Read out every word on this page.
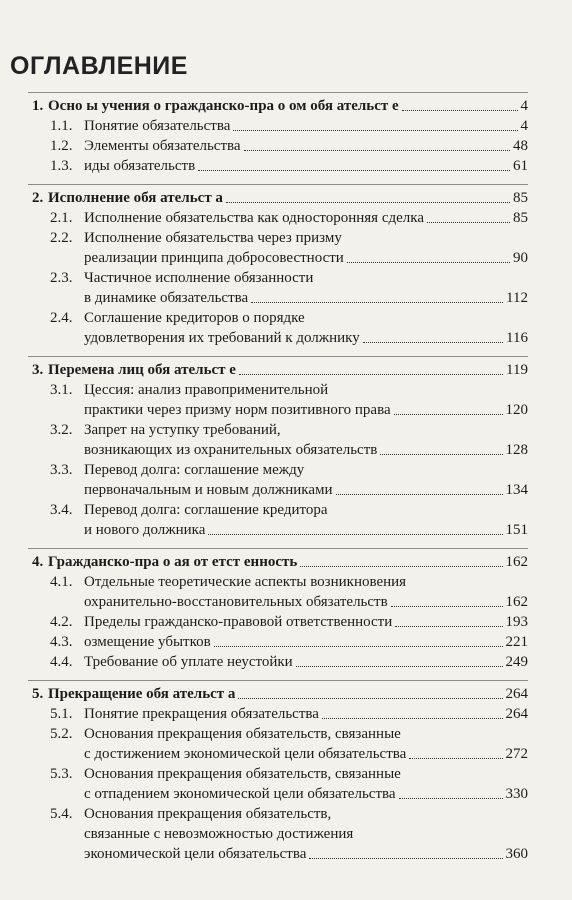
ОГЛАВЛЕНИЕ
1. Осно ы учения о гражданско-пра о ом обя ательст е	4
1.1. Понятие обязательства	4
1.2. Элементы обязательства	48
1.3. иды обязательств	61
2. Исполнение обя ательст а	85
2.1. Исполнение обязательства как односторонняя сделка	85
2.2. Исполнение обязательства через призму
реализации принципа добросовестности	90
2.3. Частичное исполнение обязанности
в динамике обязательства	112
2.4. Соглашение кредиторов о порядке
удовлетворения их требований к должнику	116
3. Перемена лиц обя ательст е	119
3.1. Цессия: анализ правоприменительной
практики через призму норм позитивного права	120
3.2. Запрет на уступку требований,
возникающих из охранительных обязательств	128
3.3. Перевод долга: соглашение между
первоначальным и новым должниками	134
3.4. Перевод долга: соглашение кредитора
и нового должника	151
4. Гражданско-пра о ая от етст енность	162
4.1. Отдельные теоретические аспекты возникновения
охранительно-восстановительных обязательств	162
4.2. Пределы гражданско-правовой ответственности	193
4.3. озмещение убытков	221
4.4. Требование об уплате неустойки	249
5. Прекращение обя ательст а	264
5.1. Понятие прекращения обязательства	264
5.2. Основания прекращения обязательств, связанные
с достижением экономической цели обязательства	272
5.3. Основания прекращения обязательств, связанные
с отпадением экономической цели обязательства	330
5.4. Основания прекращения обязательств,
связанные с невозможностью достижения
экономической цели обязательства	360
